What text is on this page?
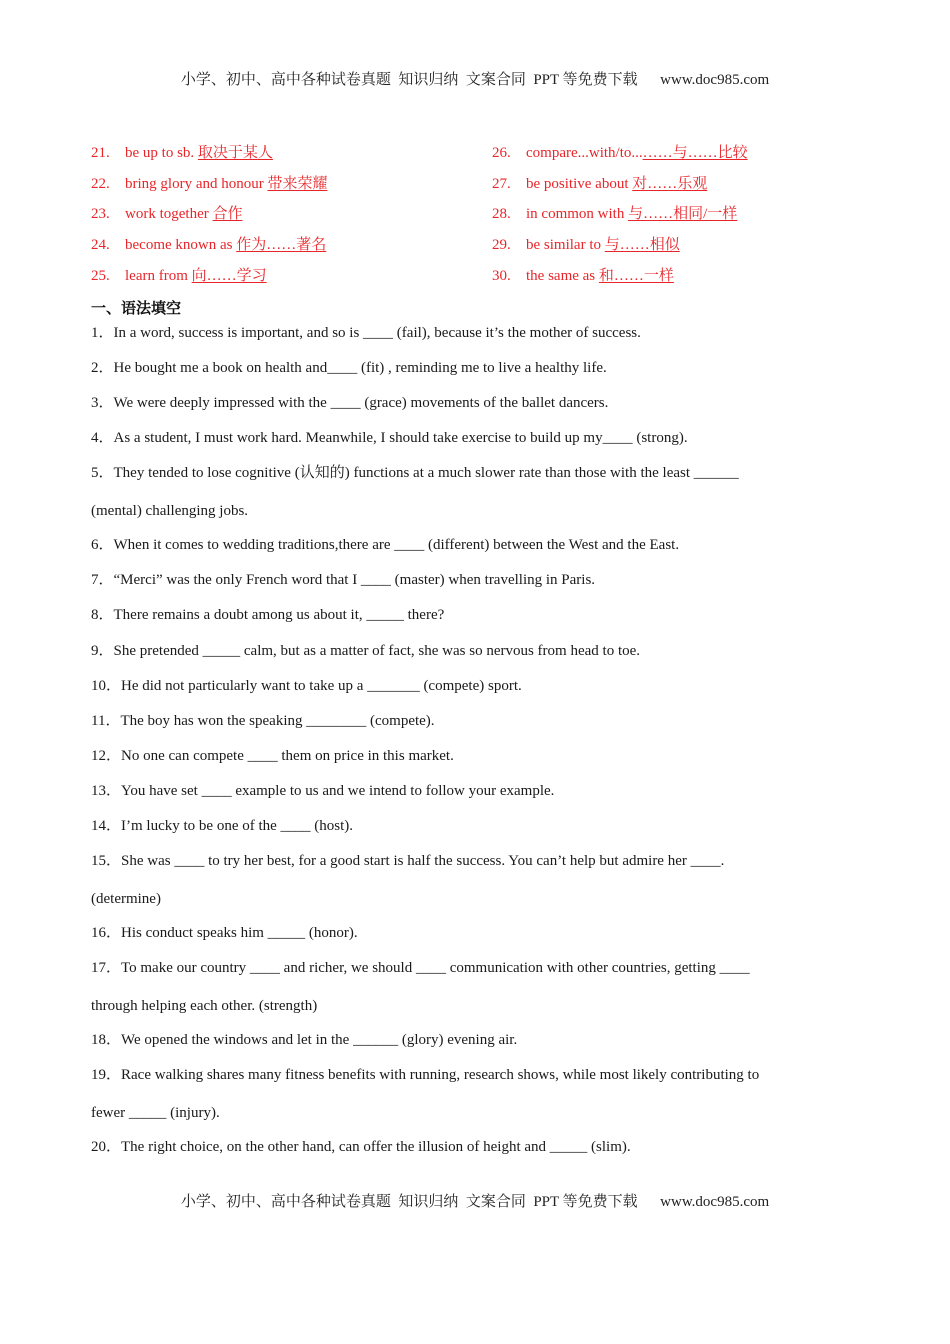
小学、初中、高中各种试卷真题  知识归纳  文案合同  PPT 等免费下载      www.doc985.com
21. be up to sb. 取决于某人
22. bring glory and honour 带来荣耀
23. work together 合作
24. become known as 作为……著名
25. learn from 向……学习
26. compare...with/to...……与……比较
27. be positive about 对……乐观
28. in common with 与……相同/一样
29. be similar to 与……相似
30. the same as 和……一样
一、语法填空
1．In a word, success is important, and so is ____ (fail), because it’s the mother of success.
2．He bought me a book on health and____ (fit) , reminding me to live a healthy life.
3．We were deeply impressed with the ____ (grace) movements of the ballet dancers.
4．As a student, I must work hard. Meanwhile, I should take exercise to build up my____ (strong).
5．They tended to lose cognitive (认知的) functions at a much slower rate than those with the least ______
(mental) challenging jobs.
6．When it comes to wedding traditions,there are ____ (different) between the West and the East.
7．“Merci” was the only French word that I ____ (master) when travelling in Paris.
8．There remains a doubt among us about it, _____ there?
9．She pretended _____ calm, but as a matter of fact, she was so nervous from head to toe.
10．He did not particularly want to take up a _______ (compete) sport.
11．The boy has won the speaking ________ (compete).
12．No one can compete ____ them on price in this market.
13．You have set ____ example to us and we intend to follow your example.
14．I’m lucky to be one of the ____ (host).
15．She was ____ to try her best, for a good start is half the success. You can’t help but admire her ____.
(determine)
16．His conduct speaks him _____ (honor).
17．To make our country ____ and richer, we should ____ communication with other countries, getting ____
through helping each other. (strength)
18．We opened the windows and let in the ______ (glory) evening air.
19．Race walking shares many fitness benefits with running, research shows, while most likely contributing to
fewer _____ (injury).
20．The right choice, on the other hand, can offer the illusion of height and _____ (slim).
小学、初中、高中各种试卷真题  知识归纳  文案合同  PPT 等免费下载      www.doc985.com
